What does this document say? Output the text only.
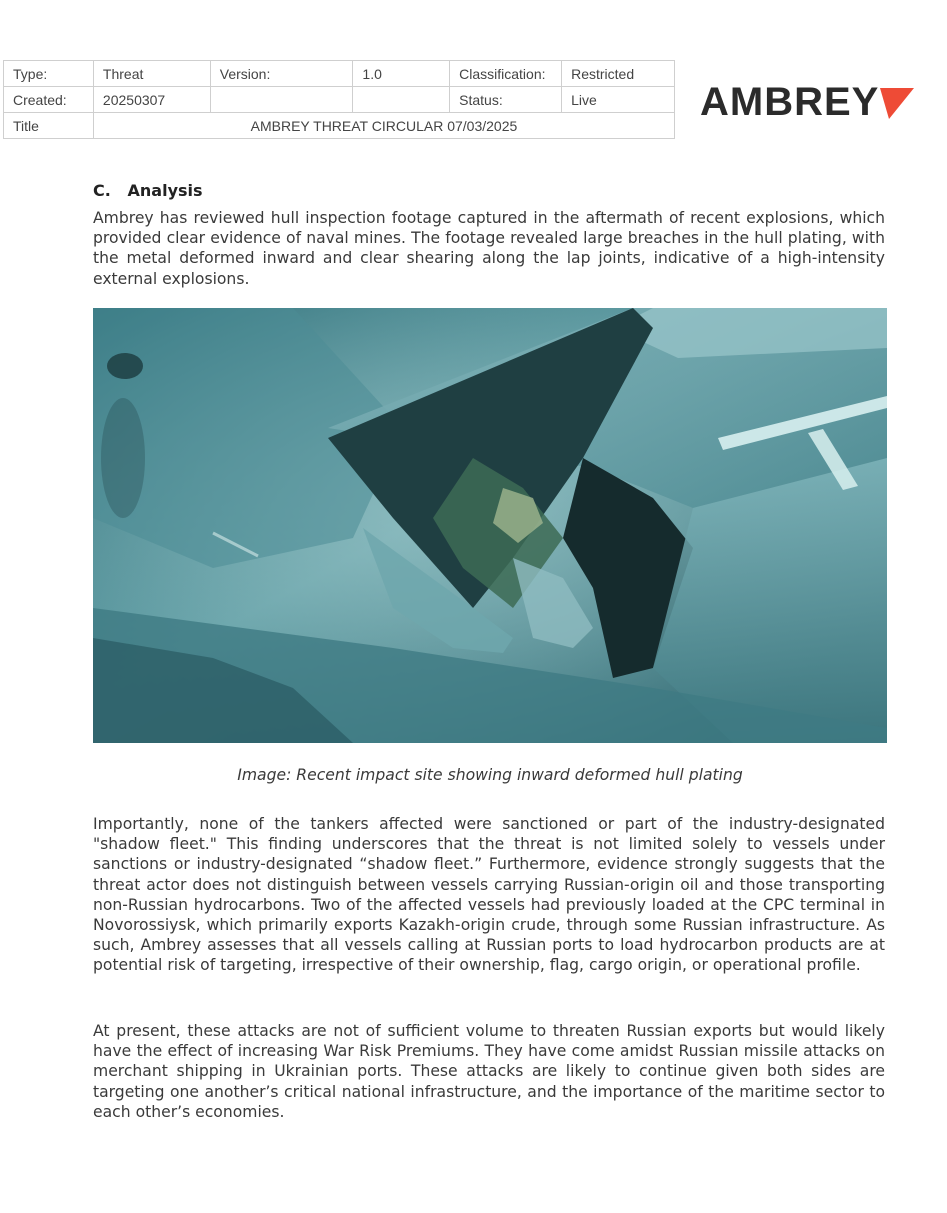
Type:	Threat	Version:	1.0	Classification:	Restricted
Created:	20250307			Status:	Live
Title	AMBREY THREAT CIRCULAR 07/03/2025				
AMBREY
C.   Analysis

Ambrey has reviewed hull inspection footage captured in the aftermath of recent explosions, which provided clear evidence of naval mines. The footage revealed large breaches in the hull plating, with the metal deformed inward and clear shearing along the lap joints, indicative of a high-intensity external explosions.

Image: Recent impact site showing inward deformed hull plating

Importantly, none of the tankers affected were sanctioned or part of the industry-designated "shadow fleet." This finding underscores that the threat is not limited solely to vessels under sanctions or industry-designated “shadow fleet.” Furthermore, evidence strongly suggests that the threat actor does not distinguish between vessels carrying Russian-origin oil and those transporting non-Russian hydrocarbons. Two of the affected vessels had previously loaded at the CPC terminal in Novorossiysk, which primarily exports Kazakh-origin crude, through some Russian infrastructure. As such, Ambrey assesses that all vessels calling at Russian ports to load hydrocarbon products are at potential risk of targeting, irrespective of their ownership, flag, cargo origin, or operational profile.

At present, these attacks are not of sufficient volume to threaten Russian exports but would likely have the effect of increasing War Risk Premiums. They have come amidst Russian missile attacks on merchant shipping in Ukrainian ports. These attacks are likely to continue given both sides are targeting one another’s critical national infrastructure, and the importance of the maritime sector to each other’s economies.
